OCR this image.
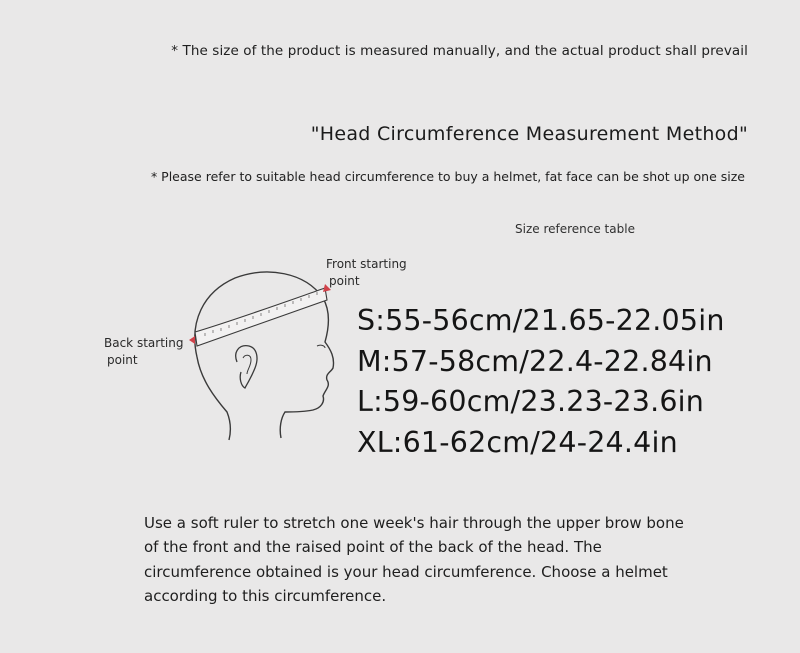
* The size of the product is measured manually, and the actual product shall prevail
"Head Circumference Measurement Method"
* Please refer to suitable head circumference to buy a helmet, fat face can be shot up one size
Size reference table
Front starting
point
Back starting
point
S:55-56cm/21.65-22.05in
M:57-58cm/22.4-22.84in
L:59-60cm/23.23-23.6in
XL:61-62cm/24-24.4in
Use a soft ruler to stretch one week's hair through the upper brow bone of the front and the raised point of the back of the head. The circumference obtained is your head circumference. Choose a helmet according to this circumference.
